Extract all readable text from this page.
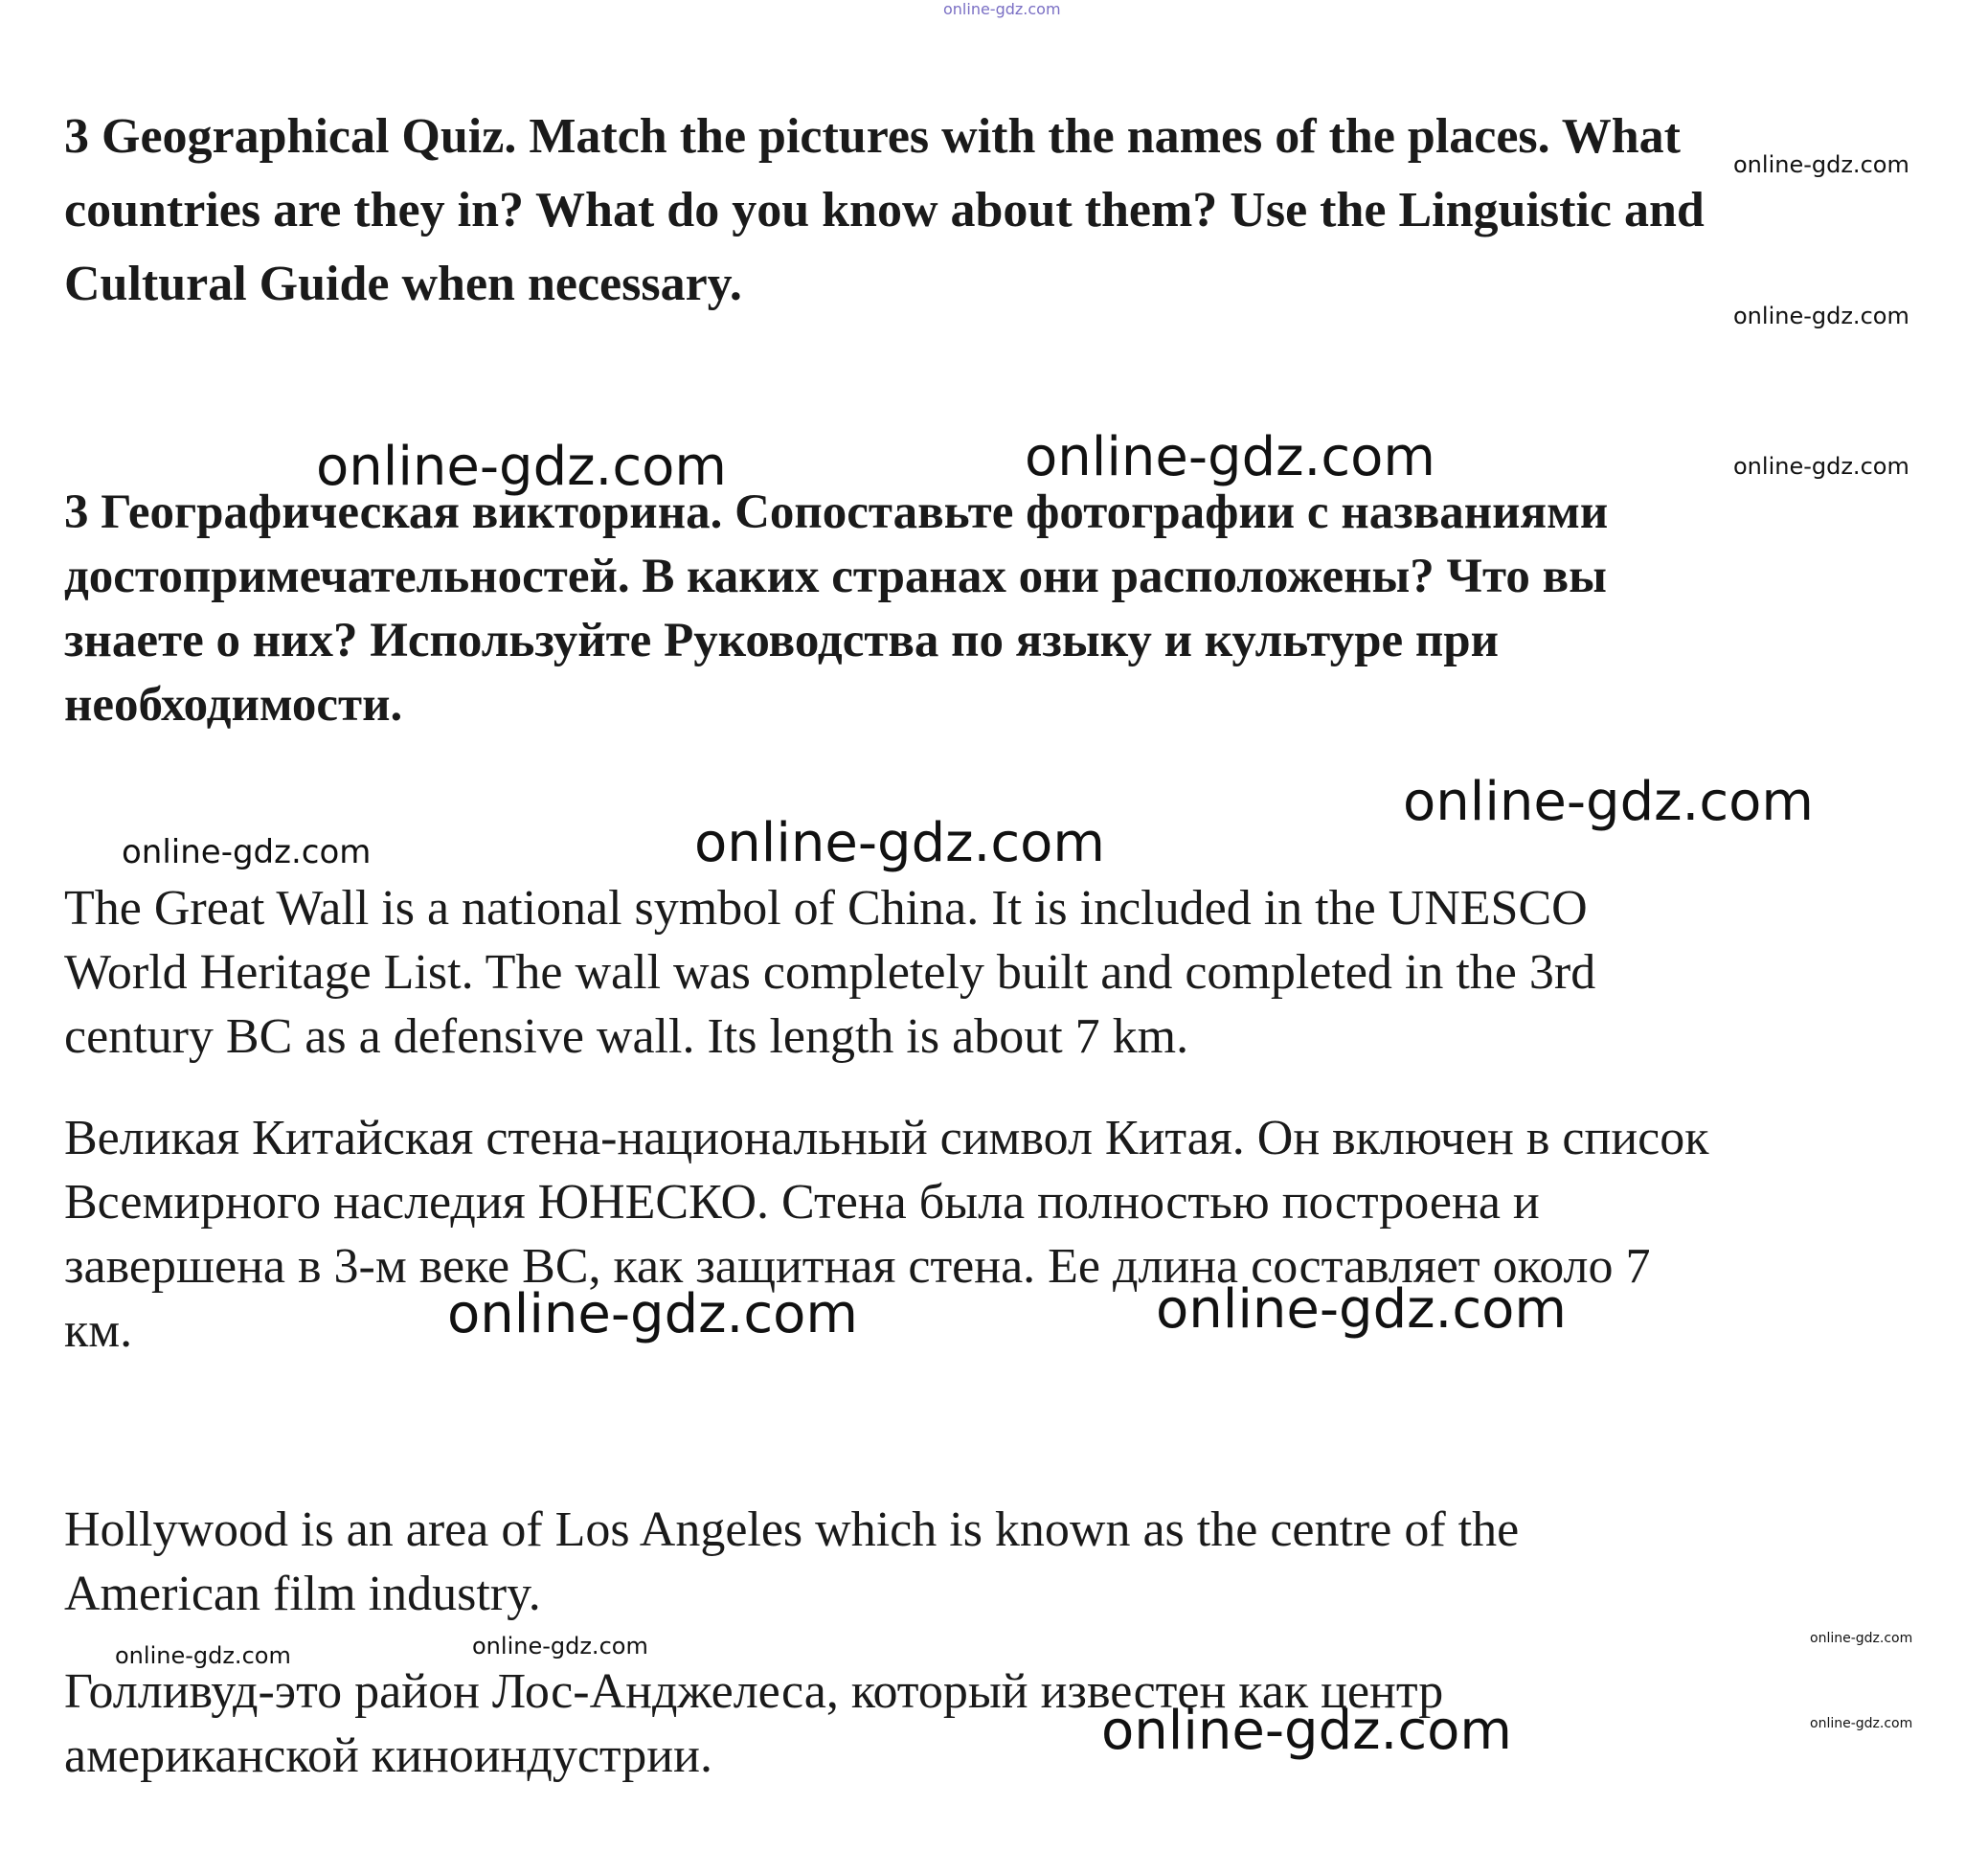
3 Geographical Quiz. Match the pictures with the names of the places. What
countries are they in? What do you know about them? Use the Linguistic and
Cultural Guide when necessary.

3 Географическая викторина. Сопоставьте фотографии с названиями
достопримечательностей. В каких странах они расположены? Что вы
знаете о них? Используйте Руководства по языку и культуре при
необходимости.

The Great Wall is a national symbol of China. It is included in the UNESCO
World Heritage List. The wall was completely built and completed in the 3rd
century BC as a defensive wall. Its length is about 7 km.

Великая Китайская стена-национальный символ Китая. Он включен в список
Всемирного наследия ЮНЕСКО. Стена была полностью построена и
завершена в 3-м веке ВС, как защитная стена. Ее длина составляет около 7
км.

Hollywood is an area of Los Angeles which is known as the centre of the
American film industry.

Голливуд-это район Лос-Анджелеса, который известен как центр
американской киноиндустрии.

online-gdz.com
online-gdz.com
online-gdz.com
online-gdz.com
online-gdz.com	online-gdz.com
online-gdz.com
online-gdz.com	online-gdz.com
online-gdz.com	online-gdz.com
online-gdz.com	online-gdz.com	online-gdz.com
online-gdz.com
online-gdz.com
